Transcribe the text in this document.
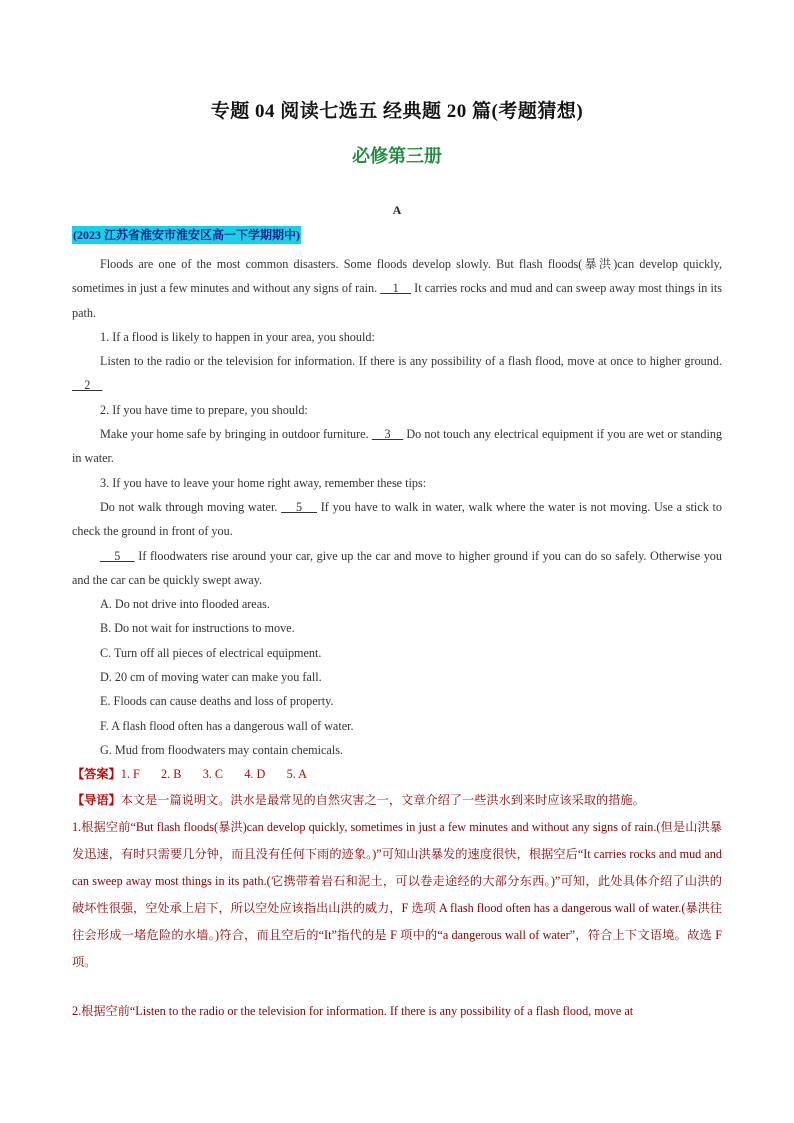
专题 04 阅读七选五 经典题 20 篇(考题猜想)
必修第三册
A
(2023 江苏省淮安市淮安区高一下学期期中)

Floods are one of the most common disasters. Some floods develop slowly. But flash floods(暴洪)can develop quickly, sometimes in just a few minutes and without any signs of rain.     1     It carries rocks and mud and can sweep away most things in its path.

1. If a flood is likely to happen in your area, you should:

Listen to the radio or the television for information. If there is any possibility of a flash flood, move at once to higher ground.     2

2. If you have time to prepare, you should:

Make your home safe by bringing in outdoor furniture.     3     Do not touch any electrical equipment if you are wet or standing in water.

3. If you have to leave your home right away, remember these tips:

Do not walk through moving water.     5     If you have to walk in water, walk where the water is not moving. Use a stick to check the ground in front of you.

5     If floodwaters rise around your car, give up the car and move to higher ground if you can do so safely. Otherwise you and the car can be quickly swept away.

A. Do not drive into flooded areas.

B. Do not wait for instructions to move.

C. Turn off all pieces of electrical equipment.

D. 20 cm of moving water can make you fall.

E. Floods can cause deaths and loss of property.

F. A flash flood often has a dangerous wall of water.

G. Mud from floodwaters may contain chemicals.

【答案】1. F       2. B       3. C       4. D       5. A

【导语】本文是一篇说明文。洪水是最常见的自然灾害之一，文章介绍了一些洪水到来时应该采取的措施。

1.根据空前“But flash floods(暴洪)can develop quickly, sometimes in just a few minutes and without any signs of rain.(但是山洪暴发迅速，有时只需要几分钟，而且没有任何下雨的迹象。)”可知山洪暴发的速度很快，根据空后“It carries rocks and mud and can sweep away most things in its path.(它携带着岩石和泥土，可以卷走途经的大部分东西。)”可知，此处具体介绍了山洪的破坏性很强，空处承上启下，所以空处应该指出山洪的威力，F 选项 A flash flood often has a dangerous wall of water.(暴洪往往会形成一堵危险的水墙。)符合，而且空后的“It”指代的是 F 项中的“a dangerous wall of water”，符合上下文语境。故选 F 项。

2.根据空前“Listen to the radio or the television for information. If there is any possibility of a flash flood, move at
